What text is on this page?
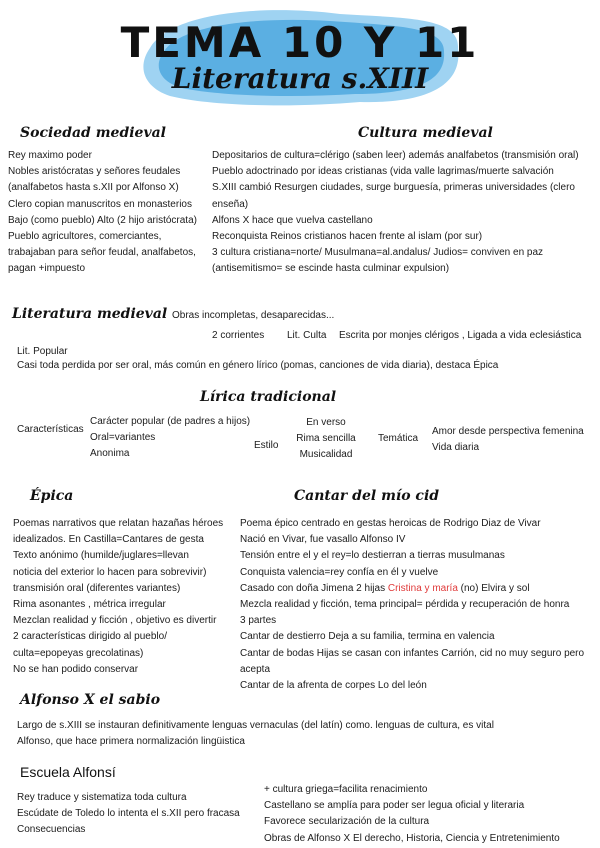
TEMA 10 Y 11
Literatura s.XIII
Sociedad medieval
Rey maximo poder
Nobles aristócratas y señores feudales
(analfabetos hasta s.XII por Alfonso X)
Clero copian manuscritos en monasterios
Bajo (como pueblo) Alto (2 hijo aristócrata)
Pueblo agricultores, comerciantes,
trabajaban para señor feudal, analfabetos,
pagan +impuesto
Cultura medieval
Depositarios de cultura=clérigo (saben leer) además analfabetos (transmisión oral)
Pueblo adoctrinado por ideas cristianas (vida valle lagrimas/muerte salvación
S.XIII cambió Resurgen ciudades, surge burguesía, primeras universidades (clero
enseña)
Alfons X hace que vuelva castellano
Reconquista Reinos cristianos hacen frente al islam (por sur)
3 cultura cristiana=norte/ Musulmana=al.andalus/ Judios= conviven en paz
(antisemitismo= se escinde hasta culminar expulsion)
Literatura medieval Obras incompletas, desaparecidas...
2 corrientes Lit. Culta Escrita por monjes clérigos , Ligada a vida eclesiástica
Lit. Popular
Casi toda perdida por ser oral, más común en género lírico (pomas, canciones de vida diaria), destaca Épica
Lírica tradicional
Características
Carácter popular (de padres a hijos)
Oral=variantes
Anonima
Estilo
En verso
Rima sencilla
Musicalidad
Temática
Amor desde perspectiva femenina
Vida diaria
Épica
Poemas narrativos que relatan hazañas héroes
idealizados. En Castilla=Cantares de gesta
Texto anónimo (humilde/juglares=llevan
noticia del exterior lo hacen para sobrevivir)
transmisión oral (diferentes variantes)
Rima asonantes , métrica irregular
Mezclan realidad y ficción , objetivo es divertir
2 características dirigido al pueblo/
culta=epopeyas grecolatinas)
No se han podido conservar
Cantar del mío cid
Poema épico centrado en gestas heroicas de Rodrigo Diaz de Vivar
Nació en Vivar, fue vasallo Alfonso IV
Tensión entre el y el rey=lo destierran a tierras musulmanas
Conquista valencia=rey confía en él y vuelve
Casado con doña Jimena 2 hijas Cristina y maría (no) Elvira y sol
Mezcla realidad y ficción, tema principal= pérdida y recuperación de honra
3 partes
Cantar de destierro Deja a su familia, termina en valencia
Cantar de bodas Hijas se casan con infantes Carrión, cid no muy seguro pero
acepta
Cantar de la afrenta de corpes Lo del león
Alfonso X el sabio
Largo de s.XIII se instauran definitivamente lenguas vernaculas (del latín) como. lenguas de cultura, es vital
Alfonso, que hace primera normalización lingüistica
Escuela Alfonsí
Rey traduce y sistematiza toda cultura
Escúdate de Toledo lo intenta el s.XII pero fracasa
Consecuencias
+ cultura griega=facilita renacimiento
Castellano se amplía para poder ser legua oficial y literaria
Favorece secularización de la cultura
Obras de Alfonso X El derecho, Historia, Ciencia y Entretenimiento
